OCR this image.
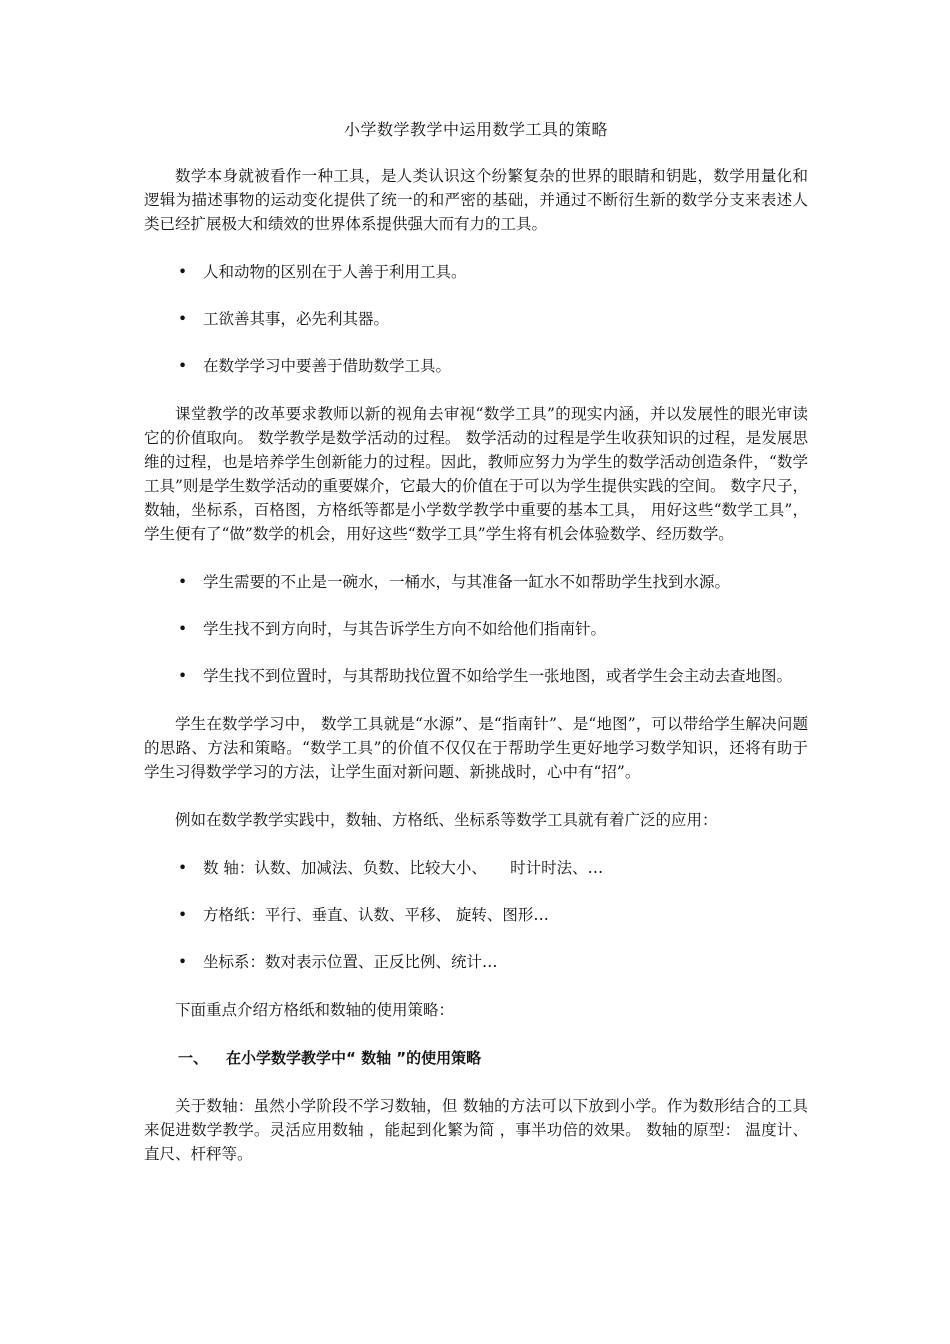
小学数学教学中运用数学工具的策略

数学本身就被看作一种工具，是人类认识这个纷繁复杂的世界的眼睛和钥匙，数学用量化和逻辑为描述事物的运动变化提供了统一的和严密的基础，并通过不断衍生新的数学分支来表述人类已经扩展极大和绩效的世界体系提供强大而有力的工具。

•	人和动物的区别在于人善于利用工具。
•	工欲善其事，必先利其器。
•	在数学学习中要善于借助数学工具。

课堂教学的改革要求教师以新的视角去审视“数学工具”的现实内涵，并以发展性的眼光审读它的价值取向。 数学教学是数学活动的过程。 数学活动的过程是学生收获知识的过程，是发展思维的过程，也是培养学生创新能力的过程。因此，教师应努力为学生的数学活动创造条件，“数学工具”则是学生数学活动的重要媒介，它最大的价值在于可以为学生提供实践的空间。 数字尺子，数轴，坐标系，百格图，方格纸等都是小学数学教学中重要的基本工具， 用好这些“数学工具”，学生便有了“做”数学的机会，用好这些“数学工具”学生将有机会体验数学、经历数学。

•	学生需要的不止是一碗水，一桶水，与其准备一缸水不如帮助学生找到水源。
•	学生找不到方向时，与其告诉学生方向不如给他们指南针。
•	学生找不到位置时，与其帮助找位置不如给学生一张地图，或者学生会主动去查地图。

学生在数学学习中， 数学工具就是“水源”、是“指南针”、是“地图”，可以带给学生解决问题的思路、方法和策略。“数学工具”的价值不仅仅在于帮助学生更好地学习数学知识，还将有助于学生习得数学学习的方法，让学生面对新问题、新挑战时，心中有“招”。

例如在数学教学实践中，数轴、方格纸、坐标系等数学工具就有着广泛的应用：

•	数 轴：认数、加减法、负数、比较大小、　　时计时法、…
•	方格纸：平行、垂直、认数、平移、 旋转、图形…
•	坐标系：数对表示位置、正反比例、统计…

下面重点介绍方格纸和数轴的使用策略：

一、 在小学数学教学中“ 数轴 ”的使用策略

关于数轴：虽然小学阶段不学习数轴，但 数轴的方法可以下放到小学。作为数形结合的工具来促进数学教学。灵活应用数轴 ，能起到化繁为简 ，事半功倍的效果。 数轴的原型： 温度计、直尺、杆秤等。
